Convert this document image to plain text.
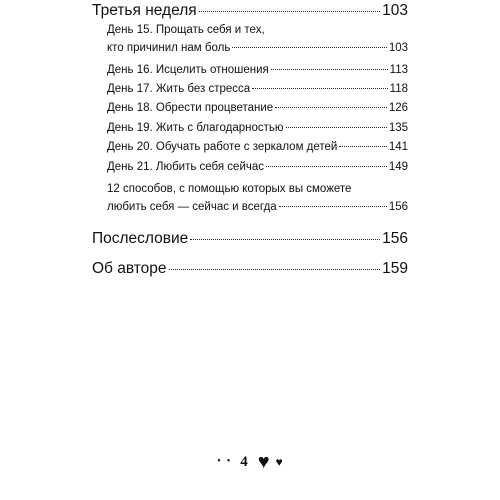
Третья неделя	103
День 15. Прощать себя и тех,
кто причинил нам боль	103
День 16. Исцелить отношения	113
День 17. Жить без стресса	118
День 18. Обрести процветание	126
День 19. Жить с благодарностью	135
День 20. Обучать работе с зеркалом детей	141
День 21. Любить себя сейчас	149
12 способов, с помощью которых вы сможете
любить себя — сейчас и всегда	156
Послесловие	156
Об авторе	159
• • 4 ♥ ♥
